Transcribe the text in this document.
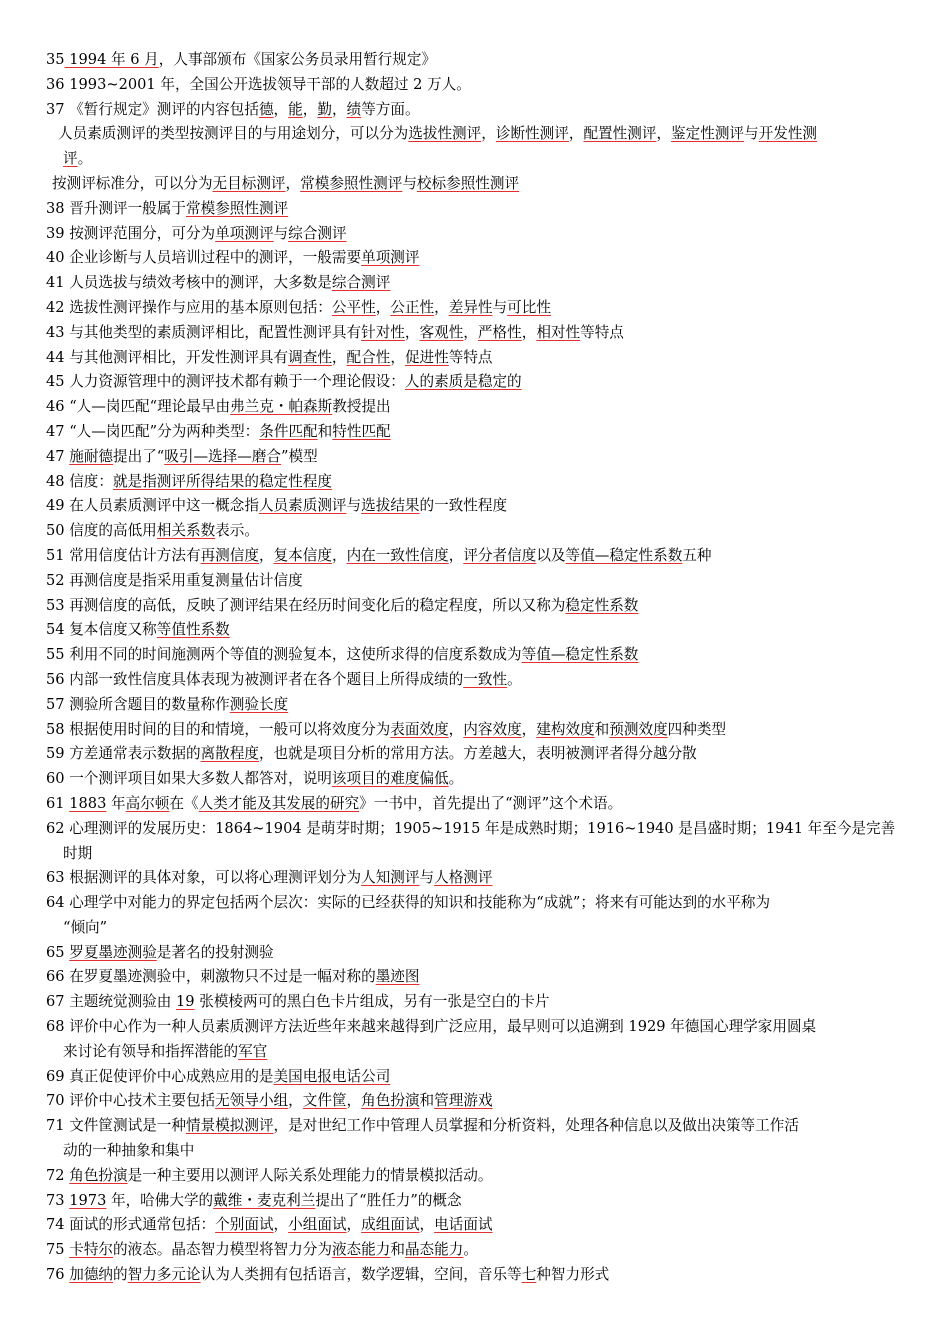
35 1994 年 6 月，人事部颁布《国家公务员录用暂行规定》
36 1993~2001 年，全国公开选拔领导干部的人数超过 2 万人。
37 《暂行规定》测评的内容包括德，能，勤，绩等方面。
人员素质测评的类型按测评目的与用途划分，可以分为选拔性测评，诊断性测评，配置性测评，鉴定性测评与开发性测
评。
按测评标准分，可以分为无目标测评，常模参照性测评与校标参照性测评
38 晋升测评一般属于常模参照性测评
39 按测评范围分，可分为单项测评与综合测评
40 企业诊断与人员培训过程中的测评，一般需要单项测评
41 人员选拔与绩效考核中的测评，大多数是综合测评
42 选拔性测评操作与应用的基本原则包括：公平性，公正性，差异性与可比性
43 与其他类型的素质测评相比，配置性测评具有针对性，客观性，严格性，相对性等特点
44 与其他测评相比，开发性测评具有调查性，配合性，促进性等特点
45 人力资源管理中的测评技术都有赖于一个理论假设：人的素质是稳定的
46 “人—岗匹配“理论最早由弗兰克・帕森斯教授提出
47 “人—岗匹配”分为两种类型：条件匹配和特性匹配
47 施耐德提出了“吸引—选择—磨合”模型
48 信度：就是指测评所得结果的稳定性程度
49 在人员素质测评中这一概念指人员素质测评与选拔结果的一致性程度
50 信度的高低用相关系数表示。
51 常用信度估计方法有再测信度，复本信度，内在一致性信度，评分者信度以及等值—稳定性系数五种
52 再测信度是指采用重复测量估计信度
53 再测信度的高低，反映了测评结果在经历时间变化后的稳定程度，所以又称为稳定性系数
54 复本信度又称等值性系数
55 利用不同的时间施测两个等值的测验复本，这使所求得的信度系数成为等值—稳定性系数
56 内部一致性信度具体表现为被测评者在各个题目上所得成绩的一致性。
57 测验所含题目的数量称作测验长度
58 根据使用时间的目的和情境，一般可以将效度分为表面效度，内容效度，建构效度和预测效度四种类型
59 方差通常表示数据的离散程度，也就是项目分析的常用方法。方差越大，表明被测评者得分越分散
60 一个测评项目如果大多数人都答对，说明该项目的难度偏低。
61 1883 年高尔顿在《人类才能及其发展的研究》一书中，首先提出了“测评”这个术语。
62 心理测评的发展历史：1864~1904 是萌芽时期；1905~1915 年是成熟时期；1916~1940 是昌盛时期；1941 年至今是完善
时期
63 根据测评的具体对象，可以将心理测评划分为人知测评与人格测评
64 心理学中对能力的界定包括两个层次：实际的已经获得的知识和技能称为“成就”；将来有可能达到的水平称为
“倾向”
65 罗夏墨迹测验是著名的投射测验
66 在罗夏墨迹测验中，刺激物只不过是一幅对称的墨迹图
67 主题统觉测验由 19 张模棱两可的黑白色卡片组成，另有一张是空白的卡片
68 评价中心作为一种人员素质测评方法近些年来越来越得到广泛应用，最早则可以追溯到 1929 年德国心理学家用圆桌
来讨论有领导和指挥潜能的军官
69 真正促使评价中心成熟应用的是美国电报电话公司
70 评价中心技术主要包括无领导小组，文件筐，角色扮演和管理游戏
71 文件筐测试是一种情景模拟测评，是对世纪工作中管理人员掌握和分析资料，处理各种信息以及做出决策等工作活
动的一种抽象和集中
72 角色扮演是一种主要用以测评人际关系处理能力的情景模拟活动。
73 1973 年，哈佛大学的戴维・麦克利兰提出了“胜任力”的概念
74 面试的形式通常包括：个别面试，小组面试，成组面试，电话面试
75 卡特尔的液态。晶态智力模型将智力分为液态能力和晶态能力。
76 加德纳的智力多元论认为人类拥有包括语言，数学逻辑，空间，音乐等七种智力形式
